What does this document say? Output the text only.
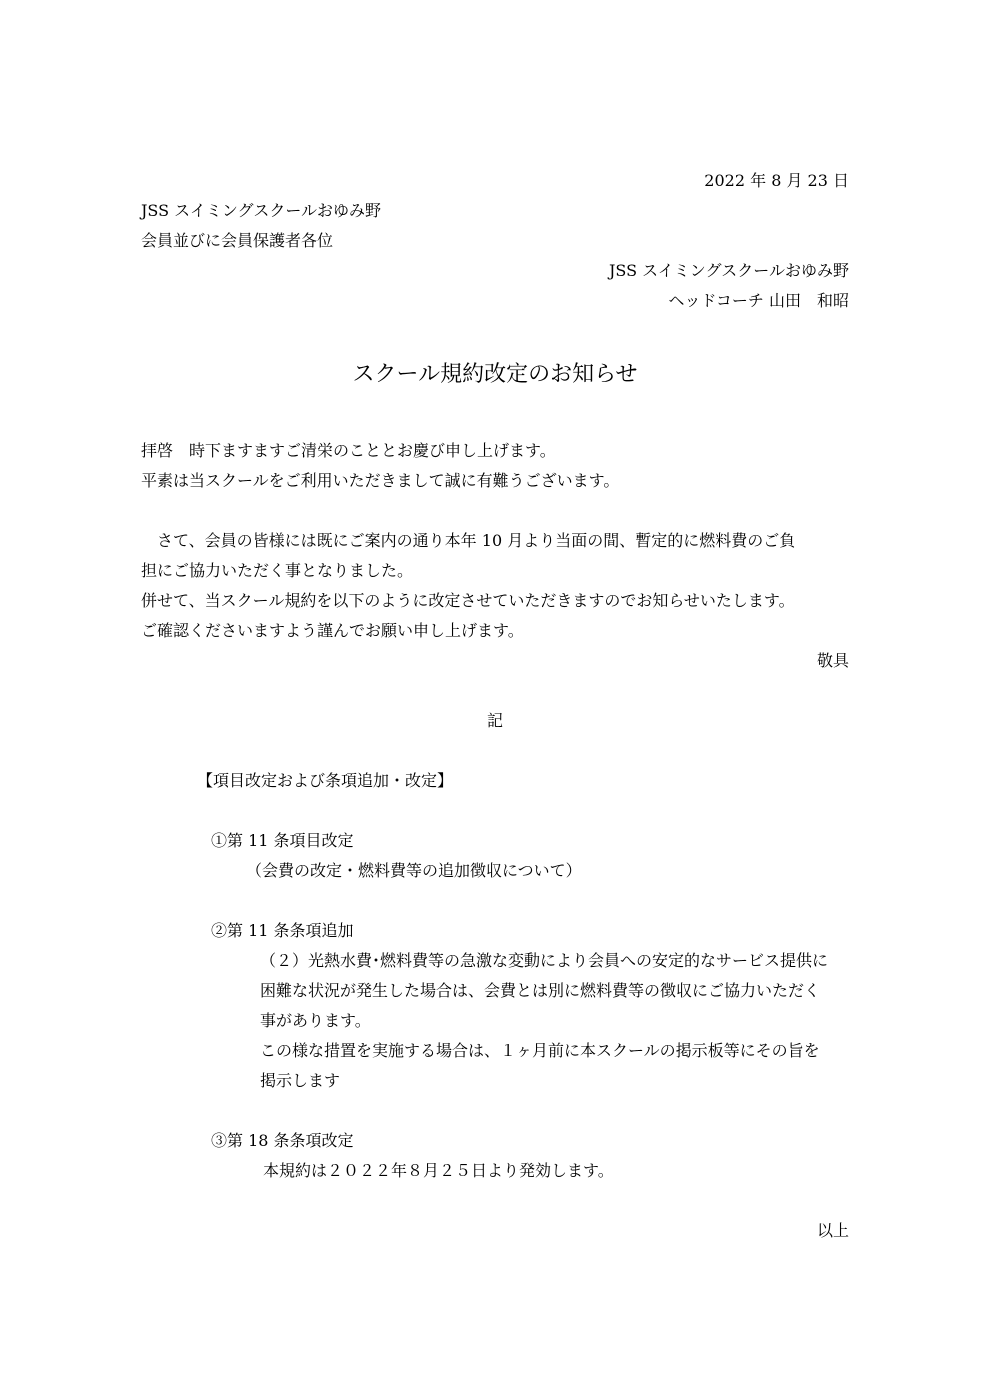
2022 年 8 月 23 日
JSS スイミングスクールおゆみ野
会員並びに会員保護者各位
JSS スイミングスクールおゆみ野
ヘッドコーチ 山田　和昭
スクール規約改定のお知らせ
拝啓　時下ますますご清栄のこととお慶び申し上げます。
平素は当スクールをご利用いただきまして誠に有難うございます。
　さて、会員の皆様には既にご案内の通り本年 10 月より当面の間、暫定的に燃料費のご負
担にご協力いただく事となりました。
併せて、当スクール規約を以下のように改定させていただきますのでお知らせいたします。
ご確認くださいますよう謹んでお願い申し上げます。
敬具
記
【項目改定および条項追加・改定】
①第 11 条項目改定
（会費の改定・燃料費等の追加徴収について）
②第 11 条条項追加
（２）光熱水費･燃料費等の急激な変動により会員への安定的なサービス提供に
困難な状況が発生した場合は、会費とは別に燃料費等の徴収にご協力いただく
事があります。
この様な措置を実施する場合は、１ヶ月前に本スクールの掲示板等にその旨を
掲示します
③第 18 条条項改定
本規約は２０２２年８月２５日より発効します。
以上
